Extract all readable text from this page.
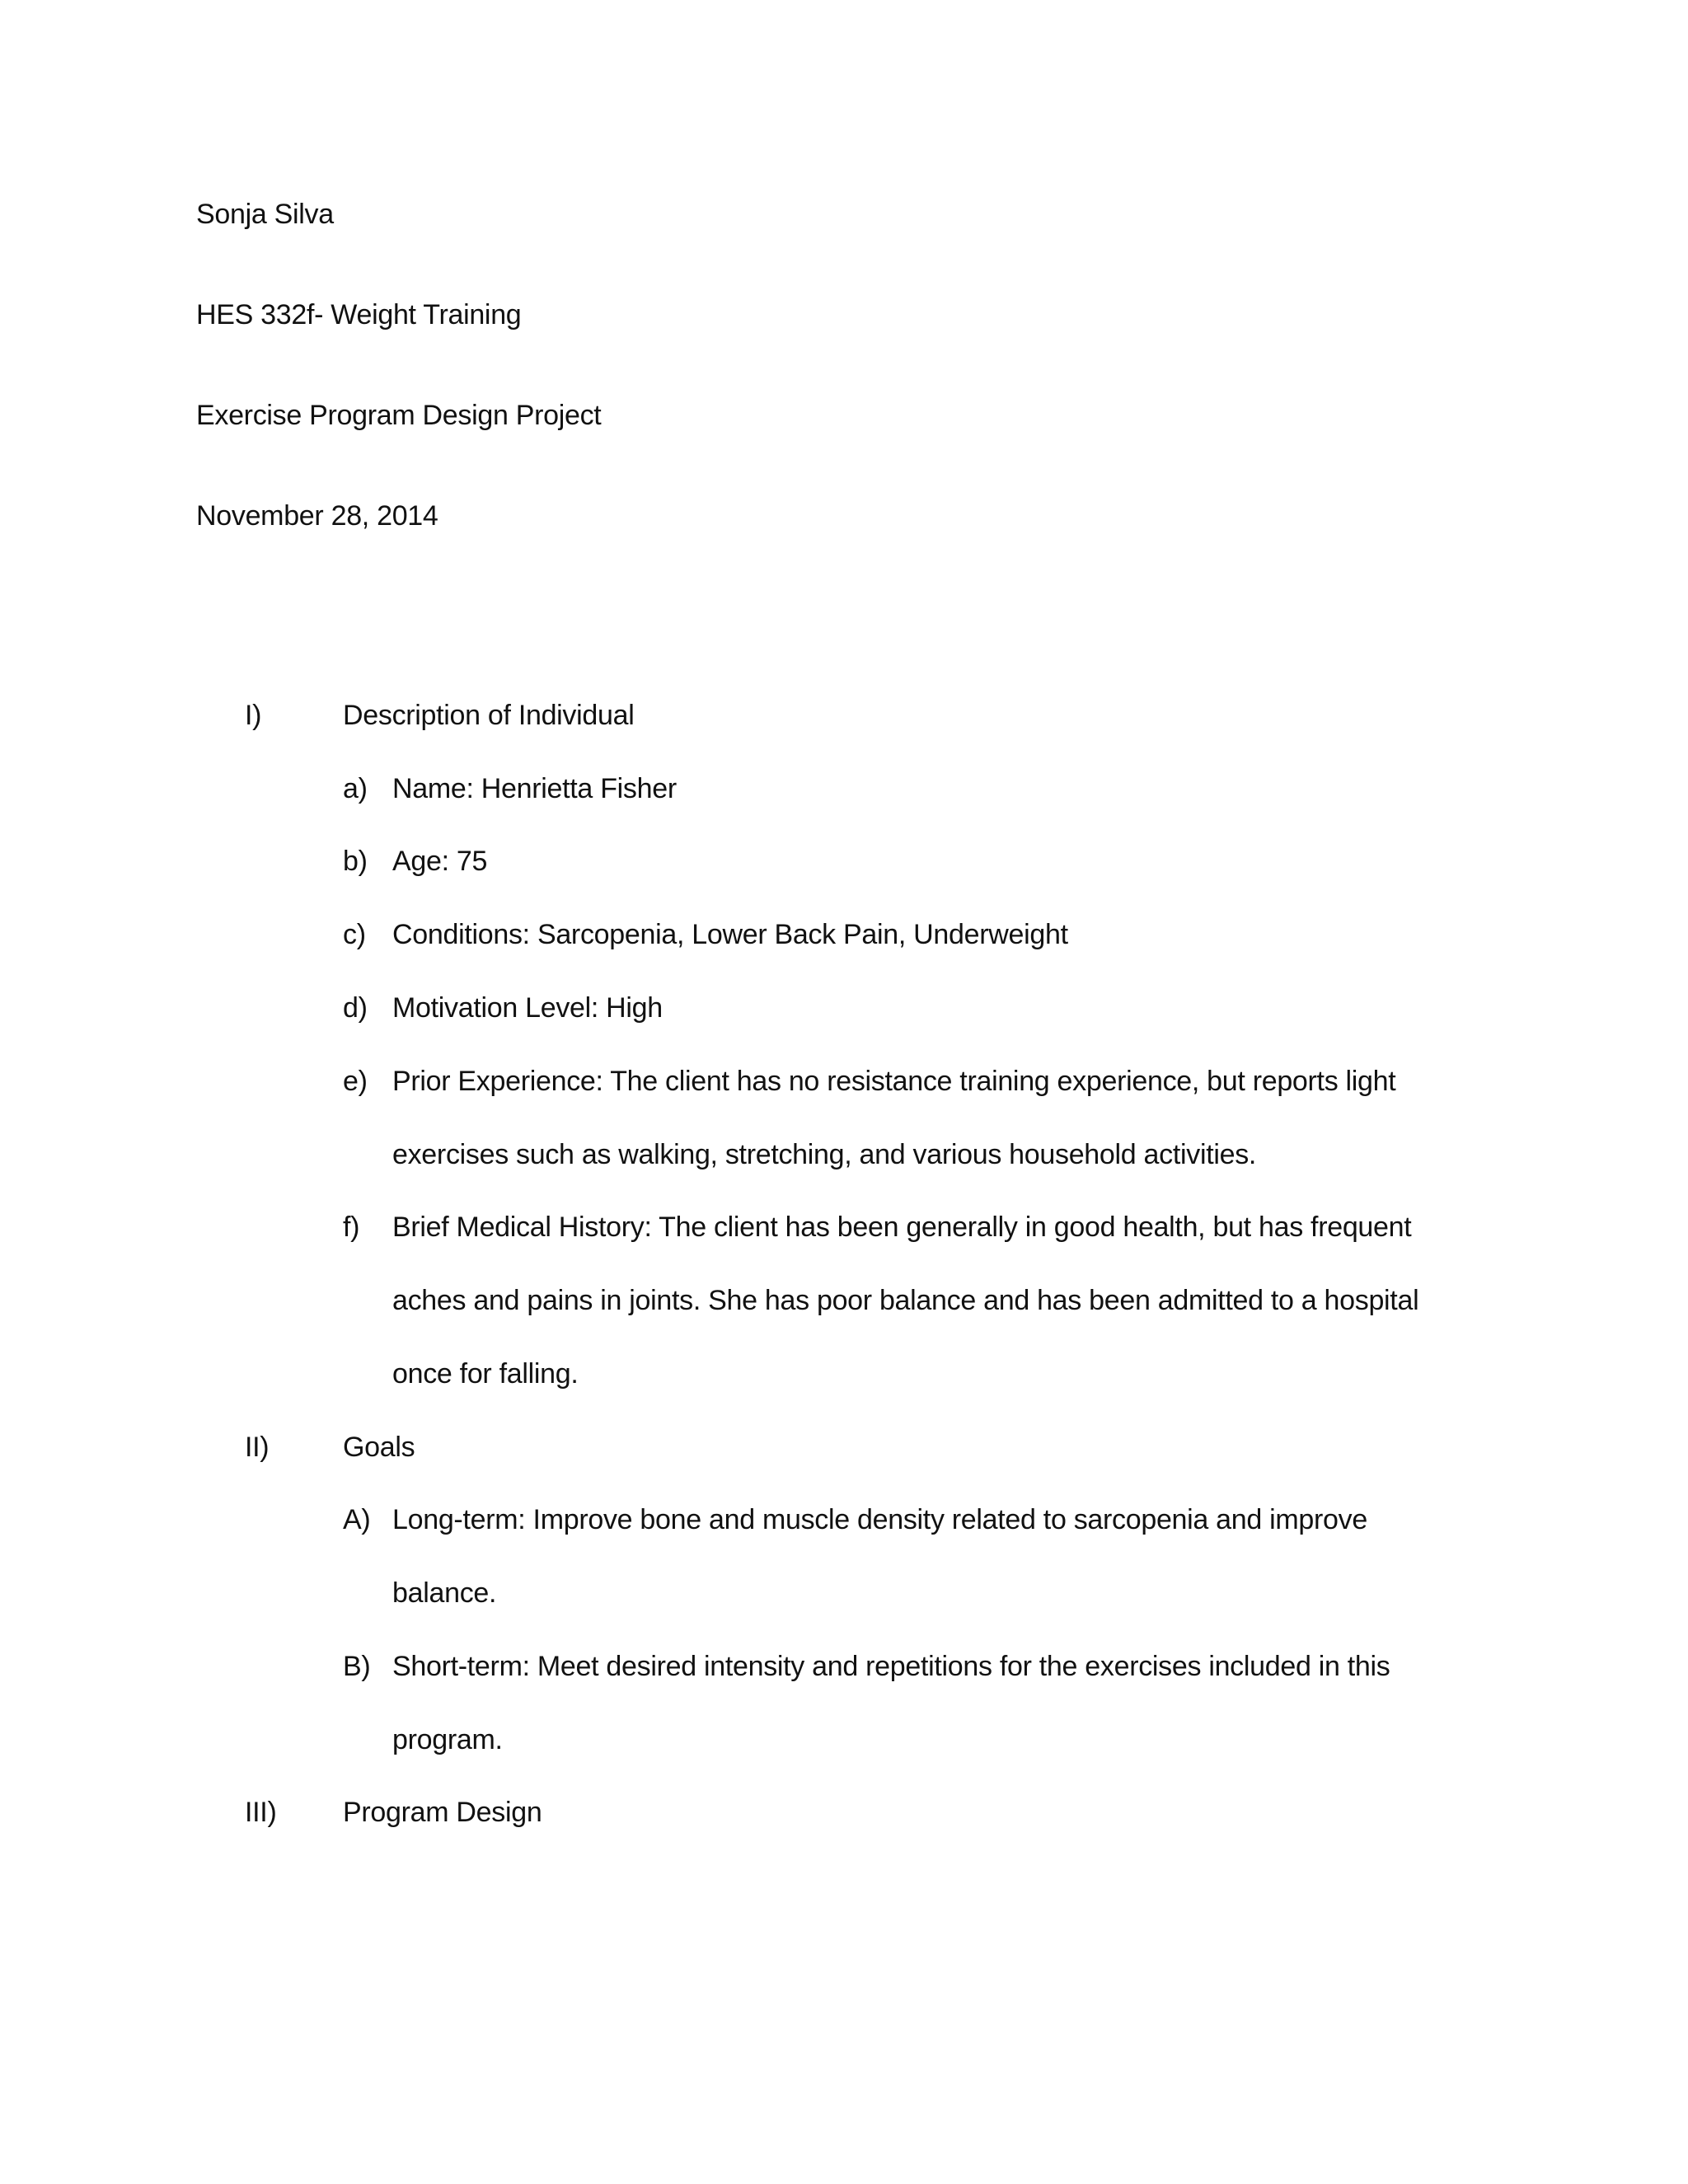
Sonja Silva
HES 332f- Weight Training
Exercise Program Design Project
November 28, 2014
I)	Description of Individual
a) Name: Henrietta Fisher
b) Age: 75
c) Conditions: Sarcopenia, Lower Back Pain, Underweight
d) Motivation Level: High
e) Prior Experience: The client has no resistance training experience, but reports light
exercises such as walking, stretching, and various household activities.
f) Brief Medical History: The client has been generally in good health, but has frequent
aches and pains in joints. She has poor balance and has been admitted to a hospital
once for falling.
II)	Goals
A) Long-term: Improve bone and muscle density related to sarcopenia and improve
balance.
B) Short-term: Meet desired intensity and repetitions for the exercises included in this
program.
III) Program Design
